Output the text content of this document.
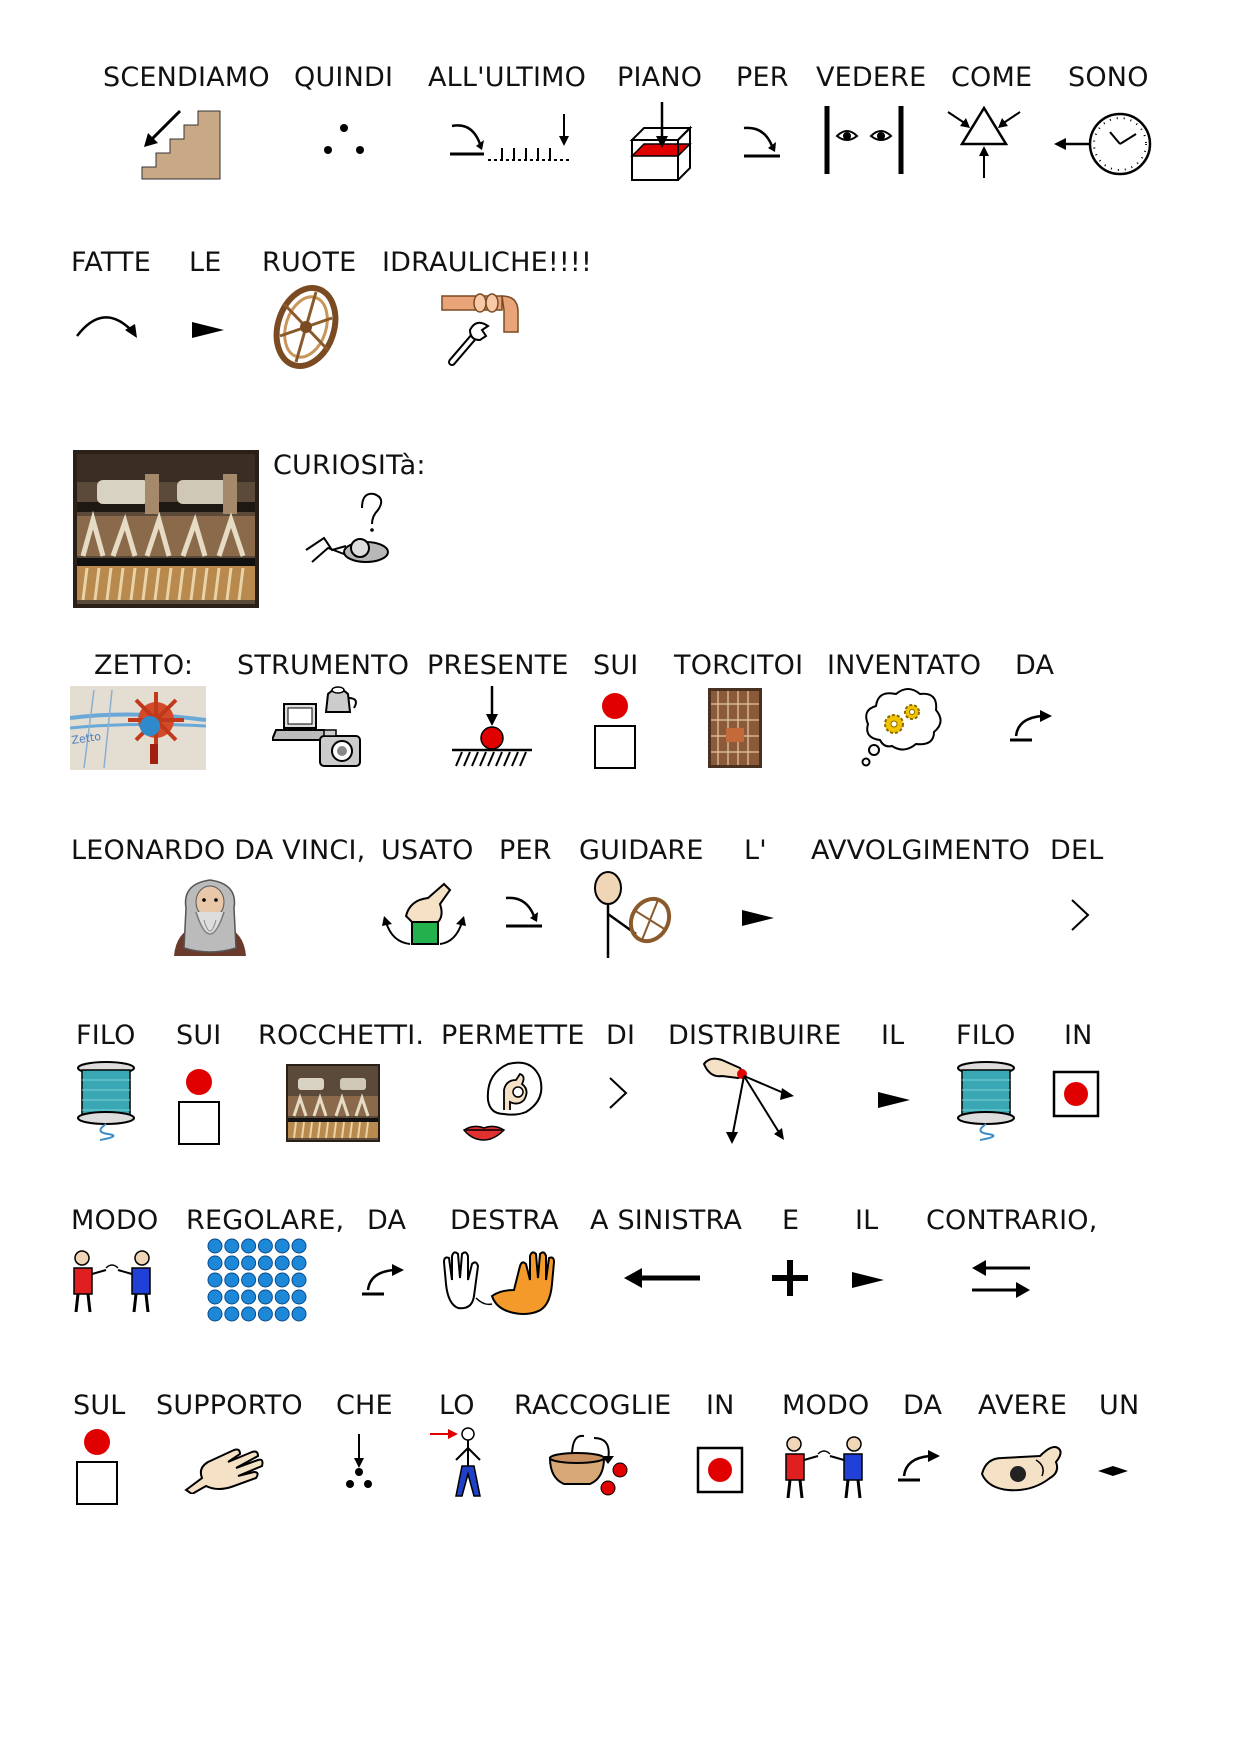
SCENDIAMO QUINDI ALL'ULTIMO PIANO PER VEDERE COME SONO
FATTE LE RUOTE IDRAULICHE!!!!
CURIOSITà:
ZETTO: STRUMENTO PRESENTE SUI TORCITOI INVENTATO DA
Zetto
LEONARDO DA VINCI, USATO PER GUIDARE L' AVVOLGIMENTO DEL
FILO SUI ROCCHETTI. PERMETTE DI DISTRIBUIRE IL FILO IN
MODO REGOLARE, DA DESTRA A SINISTRA E IL CONTRARIO,
SUL SUPPORTO CHE LO RACCOGLIE IN MODO DA AVERE UN
